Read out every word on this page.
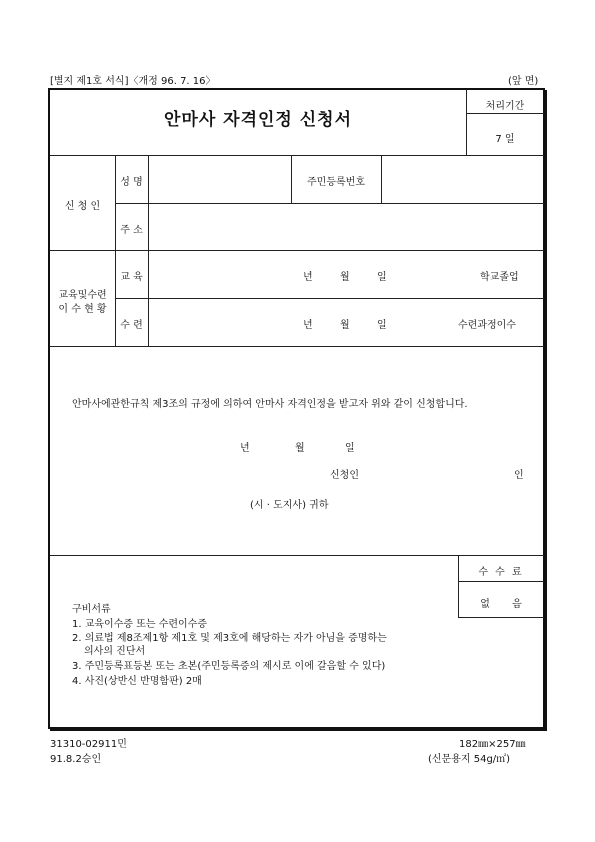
[별지 제1호 서식]〈개정 96. 7. 16〉	(앞 면)
안마사 자격인정 신청서
처리기간
7 일
신 청 인
성 명	주민등록번호
주 소
교육및수련
이 수 현 황
교 육	년	월	일	학교졸업
수 련	년	월	일	수련과정이수
안마사에관한규칙 제3조의 규정에 의하여 안마사 자격인정을 받고자 위와 같이 신청합니다.
년	월	일
신청인	인
(시 · 도지사) 귀하
수 수 료
없       음
구비서류
1. 교육이수증 또는 수련이수증
2. 의료법 제8조제1항 제1호 및 제3호에 해당하는 자가 아님을 증명하는
의사의 진단서
3. 주민등록표등본 또는 초본(주민등록증의 제시로 이에 갈음할 수 있다)
4. 사진(상반신 반명함판) 2매
31310-02911민
91.8.2승인
182㎜×257㎜
(신문용지 54g/㎡)
